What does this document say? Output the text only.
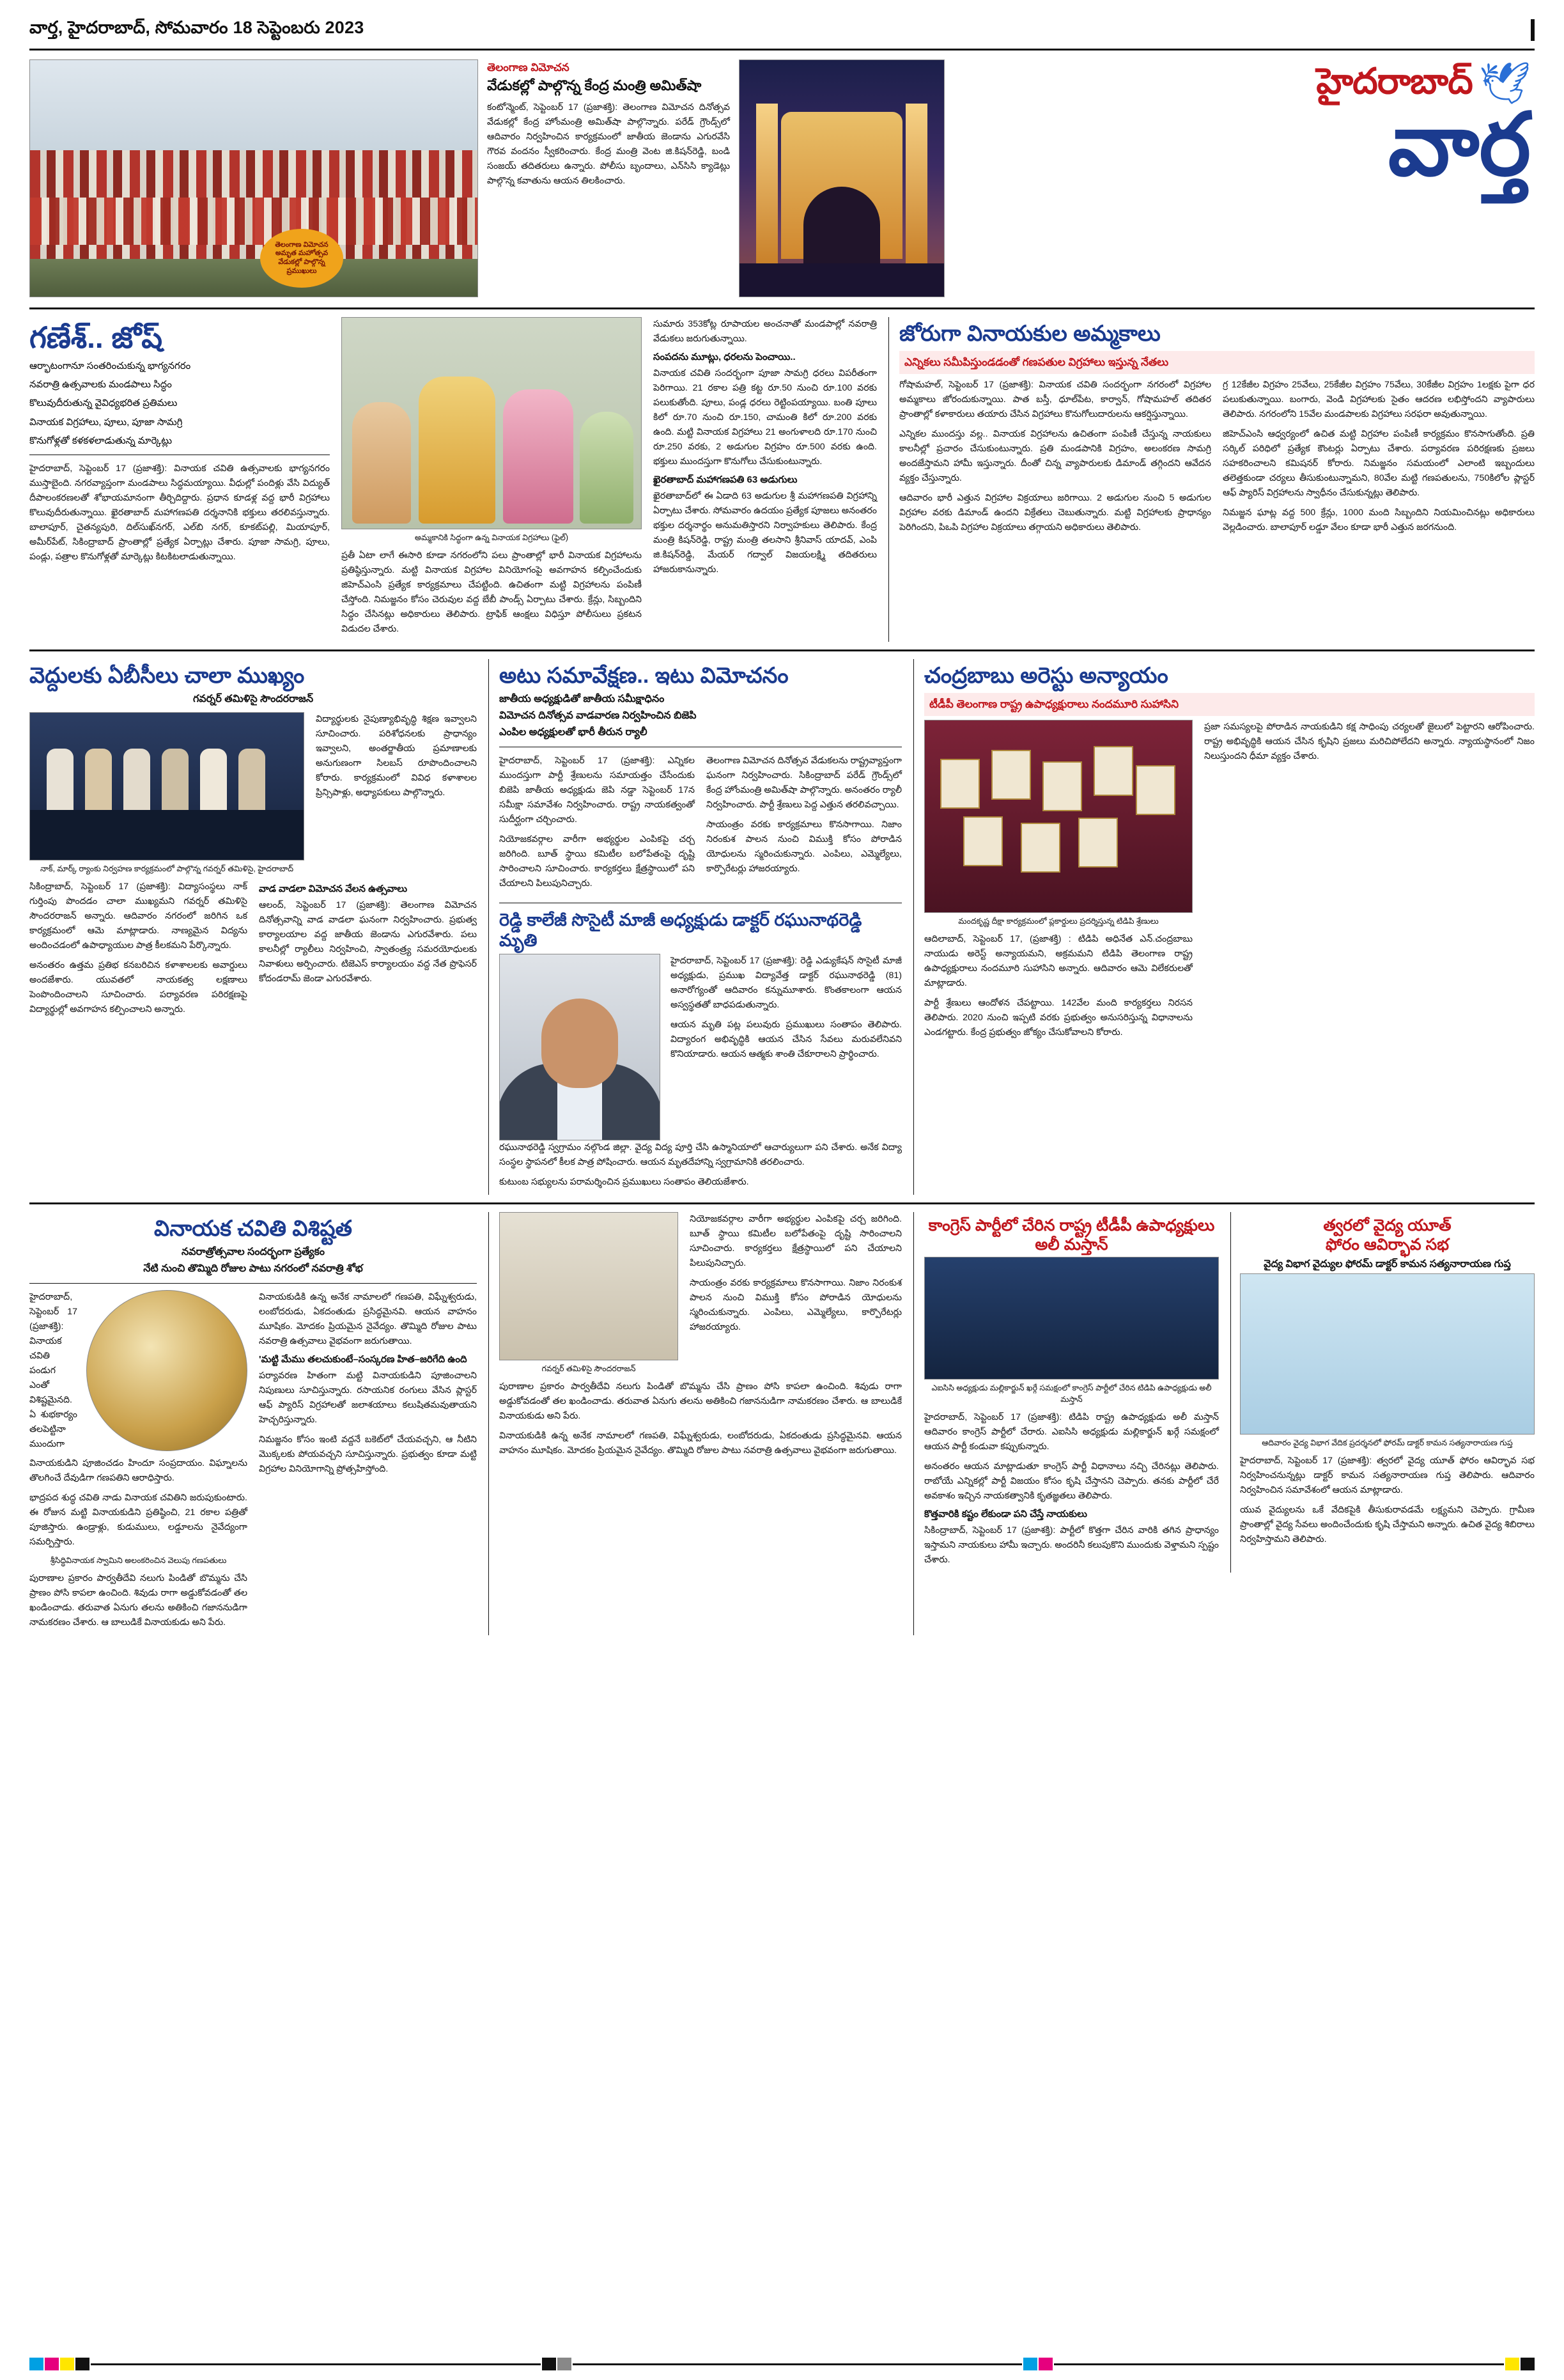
వార్త, హైదరాబాద్, సోమవారం 18 సెప్టెంబరు 2023
తెలంగాణ విమోచన అమృత మహోత్సవ వేడుకల్లో పాల్గొన్న ప్రముఖులు
తెలంగాణ విమోచన
వేడుకల్లో పాల్గొన్న కేంద్ర మంత్రి అమిత్‌షా

కంటోన్మెంట్, సెప్టెంబర్ 17 (ప్రజాశక్తి): తెలంగాణ విమోచన దినోత్సవ వేడుకల్లో కేంద్ర హోంమంత్రి అమిత్‌షా పాల్గొన్నారు. పరేడ్ గ్రౌండ్స్‌లో ఆదివారం నిర్వహించిన కార్యక్రమంలో జాతీయ జెండాను ఎగురవేసి గౌరవ వందనం స్వీకరించారు. కేంద్ర మంత్రి వెంట జి.కిషన్‌రెడ్డి, బండి సంజయ్ తదితరులు ఉన్నారు. పోలీసు బృందాలు, ఎన్‌సిసి క్యాడెట్లు పాల్గొన్న కవాతును ఆయన తిలకించారు.

హైదరాబాద్ 🕊
వార్త
గణేశ్‌.. జోష్‌
ఆర్భాటంగానూ సంతరించుకున్న భాగ్యనగరం
నవరాత్రి ఉత్సవాలకు మండపాలు సిద్ధం
కొలువుదీరుతున్న వైవిధ్యభరిత ప్రతిమలు
వినాయక విగ్రహాలు, పూలు, పూజా సామగ్రి
కొనుగోళ్లతో కళకళలాడుతున్న మార్కెట్లు

హైదరాబాద్, సెప్టెంబర్ 17 (ప్రజాశక్తి): వినాయక చవితి ఉత్సవాలకు భాగ్యనగరం ముస్తాబైంది. నగరవ్యాప్తంగా మండపాలు సిద్ధమయ్యాయి. వీధుల్లో పందిళ్లు వేసి విద్యుత్ దీపాలంకరణలతో శోభాయమానంగా తీర్చిదిద్దారు. ప్రధాన కూడళ్ల వద్ద భారీ విగ్రహాలు కొలువుదీరుతున్నాయి. ఖైరతాబాద్ మహాగణపతి దర్శనానికి భక్తులు తరలివస్తున్నారు. బాలాపూర్, చైతన్యపురి, దిల్‌సుఖ్‌నగర్, ఎల్‌బి నగర్, కూకట్‌పల్లి, మియాపూర్, అమీర్‌పేట్, సికింద్రాబాద్ ప్రాంతాల్లో ప్రత్యేక ఏర్పాట్లు చేశారు. పూజా సామగ్రి, పూలు, పండ్లు, పత్రాల కొనుగోళ్లతో మార్కెట్లు కిటకిటలాడుతున్నాయి.

అమ్మకానికి సిద్ధంగా ఉన్న వినాయక విగ్రహాలు (ఫైల్)

ప్రతీ ఏటా లాగే ఈసారి కూడా నగరంలోని పలు ప్రాంతాల్లో భారీ వినాయక విగ్రహాలను ప్రతిష్ఠిస్తున్నారు. మట్టి వినాయక విగ్రహాల వినియోగంపై అవగాహన కల్పించేందుకు జిహెచ్‌ఎంసి ప్రత్యేక కార్యక్రమాలు చేపట్టింది. ఉచితంగా మట్టి విగ్రహాలను పంపిణీ చేస్తోంది. నిమజ్జనం కోసం చెరువుల వద్ద బేబీ పాండ్స్ ఏర్పాటు చేశారు. క్రేన్లు, సిబ్బందిని సిద్ధం చేసినట్లు అధికారులు తెలిపారు. ట్రాఫిక్ ఆంక్షలు విధిస్తూ పోలీసులు ప్రకటన విడుదల చేశారు.

సుమారు 353కోట్ల రూపాయల అంచనాతో మండపాల్లో నవరాత్రి వేడుకలు జరుగుతున్నాయి.

సంపదను మూట్లు, ధరలను పెంచాయి..

వినాయక చవితి సందర్భంగా పూజా సామగ్రి ధరలు విపరీతంగా పెరిగాయి. 21 రకాల పత్రి కట్ట రూ.50 నుంచి రూ.100 వరకు పలుకుతోంది. పూలు, పండ్ల ధరలు రెట్టింపయ్యాయి. బంతి పూలు కిలో రూ.70 నుంచి రూ.150, చామంతి కిలో రూ.200 వరకు ఉంది. మట్టి వినాయక విగ్రహాలు 21 అంగుళాలది రూ.170 నుంచి రూ.250 వరకు, 2 అడుగుల విగ్రహం రూ.500 వరకు ఉంది. భక్తులు ముందస్తుగా కొనుగోలు చేసుకుంటున్నారు.

ఖైరతాబాద్ మహాగణపతి 63 అడుగులు

ఖైరతాబాద్‌లో ఈ ఏడాది 63 అడుగుల శ్రీ మహాగణపతి విగ్రహాన్ని ఏర్పాటు చేశారు. సోమవారం ఉదయం ప్రత్యేక పూజలు అనంతరం భక్తుల దర్శనార్థం అనుమతిస్తారని నిర్వాహకులు తెలిపారు. కేంద్ర మంత్రి కిషన్‌రెడ్డి, రాష్ట్ర మంత్రి తలసాని శ్రీనివాస్ యాదవ్, ఎంపి జి.కిషన్‌రెడ్డి, మేయర్ గద్వాల్ విజయలక్ష్మి తదితరులు హాజరుకానున్నారు.

జోరుగా వినాయకుల అమ్మకాలు
ఎన్నికలు సమీపిస్తుండడంతో గణపతుల విగ్రహాలు ఇస్తున్న నేతలు

గోషామహల్, సెప్టెంబర్ 17 (ప్రజాశక్తి): వినాయక చవితి సందర్భంగా నగరంలో విగ్రహాల అమ్మకాలు జోరందుకున్నాయి. పాత బస్తీ, ధూల్‌పేట, కార్వాన్, గోషామహల్ తదితర ప్రాంతాల్లో కళాకారులు తయారు చేసిన విగ్రహాలు కొనుగోలుదారులను ఆకర్షిస్తున్నాయి.

ఎన్నికల ముందస్తు వల్ల.. వినాయక విగ్రహాలను ఉచితంగా పంపిణీ చేస్తున్న నాయకులు కాలనీల్లో ప్రచారం చేసుకుంటున్నారు. ప్రతి మండపానికి విగ్రహం, అలంకరణ సామగ్రి అందజేస్తామని హామీ ఇస్తున్నారు. దీంతో చిన్న వ్యాపారులకు డిమాండ్ తగ్గిందని ఆవేదన వ్యక్తం చేస్తున్నారు.

ఆదివారం భారీ ఎత్తున విగ్రహాల విక్రయాలు జరిగాయి. 2 అడుగుల నుంచి 5 అడుగుల విగ్రహాల వరకు డిమాండ్ ఉందని విక్రేతలు చెబుతున్నారు. మట్టి విగ్రహాలకు ప్రాధాన్యం పెరిగిందని, పిఒపి విగ్రహాల విక్రయాలు తగ్గాయని అధికారులు తెలిపారు.

గ్ర 12కేజీల విగ్రహం 25వేలు, 25కేజీల విగ్రహం 75వేలు, 30కేజీల విగ్రహం 1లక్షకు పైగా ధర పలుకుతున్నాయి. బంగారు, వెండి విగ్రహాలకు సైతం ఆదరణ లభిస్తోందని వ్యాపారులు తెలిపారు. నగరంలోని 15వేల మండపాలకు విగ్రహాలు సరఫరా అవుతున్నాయి.

జిహెచ్‌ఎంసి ఆధ్వర్యంలో ఉచిత మట్టి విగ్రహాల పంపిణీ కార్యక్రమం కొనసాగుతోంది. ప్రతి సర్కిల్ పరిధిలో ప్రత్యేక కౌంటర్లు ఏర్పాటు చేశారు. పర్యావరణ పరిరక్షణకు ప్రజలు సహకరించాలని కమిషనర్ కోరారు. నిమజ్జనం సమయంలో ఎలాంటి ఇబ్బందులు తలెత్తకుండా చర్యలు తీసుకుంటున్నామని, 80వేల మట్టి గణపతులను, 750కిలోల ప్లాస్టర్ ఆఫ్ ప్యారిస్ విగ్రహాలను స్వాధీనం చేసుకున్నట్లు తెలిపారు.

నిమజ్జన ఘాట్ల వద్ద 500 క్రేన్లు, 1000 మంది సిబ్బందిని నియమించినట్లు అధికారులు వెల్లడించారు. బాలాపూర్ లడ్డూ వేలం కూడా భారీ ఎత్తున జరగనుంది.

వెద్దులకు ఏబీసీలు చాలా ముఖ్యం
గవర్నర్ తమిళిసై సౌందరరాజన్
నాక్, మార్క్ ర్యాంకు నిర్వహణ కార్యక్రమంలో పాల్గొన్న గవర్నర్ తమిళిసై, హైదరాబాద్

విద్యార్థులకు నైపుణ్యాభివృద్ధి శిక్షణ ఇవ్వాలని సూచించారు. పరిశోధనలకు ప్రాధాన్యం ఇవ్వాలని, అంతర్జాతీయ ప్రమాణాలకు అనుగుణంగా సిలబస్ రూపొందించాలని కోరారు. కార్యక్రమంలో వివిధ కళాశాలల ప్రిన్సిపాళ్లు, అధ్యాపకులు పాల్గొన్నారు.

సికింద్రాబాద్, సెప్టెంబర్ 17 (ప్రజాశక్తి): విద్యాసంస్థలు నాక్ గుర్తింపు పొందడం చాలా ముఖ్యమని గవర్నర్ తమిళిసై సౌందరరాజన్ అన్నారు. ఆదివారం నగరంలో జరిగిన ఒక కార్యక్రమంలో ఆమె మాట్లాడారు. నాణ్యమైన విద్యను అందించడంలో ఉపాధ్యాయుల పాత్ర కీలకమని పేర్కొన్నారు.

అనంతరం ఉత్తమ ప్రతిభ కనబరిచిన కళాశాలలకు అవార్డులు అందజేశారు. యువతలో నాయకత్వ లక్షణాలు పెంపొందించాలని సూచించారు. పర్యావరణ పరిరక్షణపై విద్యార్థుల్లో అవగాహన కల్పించాలని అన్నారు.

వాడ వాడలా విమోచన వేలన ఉత్సవాలు

ఆలంద్, సెప్టెంబర్ 17 (ప్రజాశక్తి): తెలంగాణ విమోచన దినోత్సవాన్ని వాడ వాడలా ఘనంగా నిర్వహించారు. ప్రభుత్వ కార్యాలయాల వద్ద జాతీయ జెండాను ఎగురవేశారు. పలు కాలనీల్లో ర్యాలీలు నిర్వహించి, స్వాతంత్ర్య సమరయోధులకు నివాళులు అర్పించారు. టిజెఎస్ కార్యాలయం వద్ద నేత ప్రొఫెసర్ కోదండరామ్ జెండా ఎగురవేశారు.

అటు సమావేక్షణ.. ఇటు విమోచనం
జాతీయ అధ్యక్షుడితో జాతీయ సమీక్షాధినం
విమోచన దినోత్సవ వాడవారణ నిర్వహించిన బిజెపి
ఎంపిల అధ్యక్షులతో భారీ తీరున ర్యాలీ

హైదరాబాద్, సెప్టెంబర్ 17 (ప్రజాశక్తి): ఎన్నికల ముందస్తుగా పార్టీ శ్రేణులను సమాయత్తం చేసేందుకు బిజెపి జాతీయ అధ్యక్షుడు జెపి నడ్డా సెప్టెంబర్ 17న సమీక్షా సమావేశం నిర్వహించారు. రాష్ట్ర నాయకత్వంతో సుదీర్ఘంగా చర్చించారు.

నియోజకవర్గాల వారీగా అభ్యర్థుల ఎంపికపై చర్చ జరిగింది. బూత్ స్థాయి కమిటీల బలోపేతంపై దృష్టి సారించాలని సూచించారు. కార్యకర్తలు క్షేత్రస్థాయిలో పని చేయాలని పిలుపునిచ్చారు.

తెలంగాణ విమోచన దినోత్సవ వేడుకలను రాష్ట్రవ్యాప్తంగా ఘనంగా నిర్వహించారు. సికింద్రాబాద్ పరేడ్ గ్రౌండ్స్‌లో కేంద్ర హోంమంత్రి అమిత్‌షా పాల్గొన్నారు. అనంతరం ర్యాలీ నిర్వహించారు. పార్టీ శ్రేణులు పెద్ద ఎత్తున తరలివచ్చాయి.

సాయంత్రం వరకు కార్యక్రమాలు కొనసాగాయి. నిజాం నిరంకుశ పాలన నుంచి విముక్తి కోసం పోరాడిన యోధులను స్మరించుకున్నారు. ఎంపిలు, ఎమ్మెల్యేలు, కార్పొరేటర్లు హాజరయ్యారు.

రెడ్డి కాలేజీ సొసైటీ మాజీ అధ్యక్షుడు డాక్టర్ రఘునాథరెడ్డి మృతి

హైదరాబాద్, సెప్టెంబర్ 17 (ప్రజాశక్తి): రెడ్డి ఎడ్యుకేషన్ సొసైటీ మాజీ అధ్యక్షుడు, ప్రముఖ విద్యావేత్త డాక్టర్ రఘునాథరెడ్డి (81) అనారోగ్యంతో ఆదివారం కన్నుమూశారు. కొంతకాలంగా ఆయన అస్వస్థతతో బాధపడుతున్నారు.

ఆయన మృతి పట్ల పలువురు ప్రముఖులు సంతాపం తెలిపారు. విద్యారంగ అభివృద్ధికి ఆయన చేసిన సేవలు మరువలేనివని కొనియాడారు. ఆయన ఆత్మకు శాంతి చేకూరాలని ప్రార్థించారు.

రఘునాథరెడ్డి స్వగ్రామం నల్గొండ జిల్లా. వైద్య విద్య పూర్తి చేసి ఉస్మానియాలో ఆచార్యులుగా పని చేశారు. అనేక విద్యా సంస్థల స్థాపనలో కీలక పాత్ర పోషించారు. ఆయన మృతదేహాన్ని స్వగ్రామానికి తరలించారు.

కుటుంబ సభ్యులను పరామర్శించిన ప్రముఖులు సంతాపం తెలియజేశారు.

చంద్రబాబు అరెస్టు అన్యాయం
టీడీపీ తెలంగాణ రాష్ట్ర ఉపాధ్యక్షురాలు నందమూరి సుహాసిని
మందకృష్ణ దీక్షా కార్యక్రమంలో ప్లకార్డులు ప్రదర్శిస్తున్న టిడిపి శ్రేణులు

ఆదిలాబాద్, సెప్టెంబర్ 17, (ప్రజాశక్తి) : టిడిపి అధినేత ఎన్.చంద్రబాబు నాయుడు అరెస్ట్ అన్యాయమని, అక్రమమని టిడిపి తెలంగాణ రాష్ట్ర ఉపాధ్యక్షురాలు నందమూరి సుహాసిని అన్నారు. ఆదివారం ఆమె విలేకరులతో మాట్లాడారు.

పార్టీ శ్రేణులు ఆందోళన చేపట్టాయి. 142వేల మంది కార్యకర్తలు నిరసన తెలిపారు. 2020 నుంచి ఇప్పటి వరకు ప్రభుత్వం అనుసరిస్తున్న విధానాలను ఎండగట్టారు. కేంద్ర ప్రభుత్వం జోక్యం చేసుకోవాలని కోరారు.

ప్రజా సమస్యలపై పోరాడిన నాయకుడిని కక్ష సాధింపు చర్యలతో జైలులో పెట్టారని ఆరోపించారు. రాష్ట్ర అభివృద్ధికి ఆయన చేసిన కృషిని ప్రజలు మరిచిపోలేదని అన్నారు. న్యాయస్థానంలో నిజం నిలుస్తుందని ధీమా వ్యక్తం చేశారు.

వినాయక చవితి విశిష్టత
నవరాత్రోత్సవాల సందర్భంగా ప్రత్యేకం
నేటి నుంచి తొమ్మిది రోజుల పాటు నగరంలో నవరాత్రి శోభ

హైదరాబాద్, సెప్టెంబర్ 17 (ప్రజాశక్తి): వినాయక చవితి పండుగ ఎంతో విశిష్టమైనది. ఏ శుభకార్యం తలపెట్టినా ముందుగా వినాయకుడిని పూజించడం హిందూ సంప్రదాయం. విఘ్నాలను తొలగించే దేవుడిగా గణపతిని ఆరాధిస్తారు.

భాద్రపద శుద్ధ చవితి నాడు వినాయక చవితిని జరుపుకుంటారు. ఈ రోజున మట్టి వినాయకుడిని ప్రతిష్ఠించి, 21 రకాల పత్రితో పూజిస్తారు. ఉండ్రాళ్లు, కుడుములు, లడ్డూలను నైవేద్యంగా సమర్పిస్తారు.

శ్రీసిద్ధివినాయక స్వామిని అలంకరించిన వెలుపు గణపతులు

పురాణాల ప్రకారం పార్వతీదేవి నలుగు పిండితో బొమ్మను చేసి ప్రాణం పోసి కాపలా ఉంచింది. శివుడు రాగా అడ్డుకోవడంతో తల ఖండించాడు. తరువాత ఏనుగు తలను అతికించి గజాననుడిగా నామకరణం చేశారు. ఆ బాలుడికే వినాయకుడు అని పేరు.

వినాయకుడికి ఉన్న అనేక నామాలలో గణపతి, విఘ్నేశ్వరుడు, లంబోదరుడు, ఏకదంతుడు ప్రసిద్ధమైనవి. ఆయన వాహనం మూషికం. మోదకం ప్రియమైన నైవేద్యం. తొమ్మిది రోజుల పాటు నవరాత్రి ఉత్సవాలు వైభవంగా జరుగుతాయి.

'మట్టి మేము తలచుకుంటే–సంస్కరణ హిత–జరిగేది ఉంది

పర్యావరణ హితంగా మట్టి వినాయకుడిని పూజించాలని నిపుణులు సూచిస్తున్నారు. రసాయనిక రంగులు వేసిన ప్లాస్టర్ ఆఫ్ ప్యారిస్ విగ్రహాలతో జలాశయాలు కలుషితమవుతాయని హెచ్చరిస్తున్నారు.

నిమజ్జనం కోసం ఇంటి వద్దనే బకెట్‌లో చేయవచ్చని, ఆ నీటిని మొక్కలకు పోయవచ్చని సూచిస్తున్నారు. ప్రభుత్వం కూడా మట్టి విగ్రహాల వినియోగాన్ని ప్రోత్సహిస్తోంది.

గవర్నర్ తమిళిసై సౌందరరాజన్

నియోజకవర్గాల వారీగా అభ్యర్థుల ఎంపికపై చర్చ జరిగింది. బూత్ స్థాయి కమిటీల బలోపేతంపై దృష్టి సారించాలని సూచించారు. కార్యకర్తలు క్షేత్రస్థాయిలో పని చేయాలని పిలుపునిచ్చారు.

సాయంత్రం వరకు కార్యక్రమాలు కొనసాగాయి. నిజాం నిరంకుశ పాలన నుంచి విముక్తి కోసం పోరాడిన యోధులను స్మరించుకున్నారు. ఎంపిలు, ఎమ్మెల్యేలు, కార్పొరేటర్లు హాజరయ్యారు.

పురాణాల ప్రకారం పార్వతీదేవి నలుగు పిండితో బొమ్మను చేసి ప్రాణం పోసి కాపలా ఉంచింది. శివుడు రాగా అడ్డుకోవడంతో తల ఖండించాడు. తరువాత ఏనుగు తలను అతికించి గజాననుడిగా నామకరణం చేశారు. ఆ బాలుడికే వినాయకుడు అని పేరు.

వినాయకుడికి ఉన్న అనేక నామాలలో గణపతి, విఘ్నేశ్వరుడు, లంబోదరుడు, ఏకదంతుడు ప్రసిద్ధమైనవి. ఆయన వాహనం మూషికం. మోదకం ప్రియమైన నైవేద్యం. తొమ్మిది రోజుల పాటు నవరాత్రి ఉత్సవాలు వైభవంగా జరుగుతాయి.

కాంగ్రెస్ పార్టీలో చేరిన రాష్ట్ర టీడీపీ ఉపాధ్యక్షులు అలీ మస్తాన్
ఎఐసిసి అధ్యక్షుడు మల్లికార్జున్ ఖర్గే సమక్షంలో కాంగ్రెస్ పార్టీలో చేరిన టిడిపి ఉపాధ్యక్షుడు అలీ మస్తాన్

హైదరాబాద్, సెప్టెంబర్ 17 (ప్రజాశక్తి): టిడిపి రాష్ట్ర ఉపాధ్యక్షుడు అలీ మస్తాన్ ఆదివారం కాంగ్రెస్ పార్టీలో చేరారు. ఎఐసిసి అధ్యక్షుడు మల్లికార్జున్ ఖర్గే సమక్షంలో ఆయన పార్టీ కండువా కప్పుకున్నారు.

అనంతరం ఆయన మాట్లాడుతూ కాంగ్రెస్ పార్టీ విధానాలు నచ్చి చేరినట్లు తెలిపారు. రాబోయే ఎన్నికల్లో పార్టీ విజయం కోసం కృషి చేస్తానని చెప్పారు. తనకు పార్టీలో చేరే అవకాశం ఇచ్చిన నాయకత్వానికి కృతజ్ఞతలు తెలిపారు.

కొత్తవారికి కష్టం లేకుండా పని చేస్తే నాయకులు

సికింద్రాబాద్, సెప్టెంబర్ 17 (ప్రజాశక్తి): పార్టీలో కొత్తగా చేరిన వారికి తగిన ప్రాధాన్యం ఇస్తామని నాయకులు హామీ ఇచ్చారు. అందరినీ కలుపుకొని ముందుకు వెళ్తామని స్పష్టం చేశారు.

త్వరలో వైద్య యూత్
ఫోరం ఆవిర్భావ సభ
వైద్య విభాగ వైద్యుల ఫోరమ్ డాక్టర్ కామన సత్యనారాయణ గుప్త
ఆదివారం వైద్య విభాగ వేదిక ప్రదర్శనలో ఫోరమ్ డాక్టర్ కామన సత్యనారాయణ గుప్త

హైదరాబాద్, సెప్టెంబర్ 17 (ప్రజాశక్తి): త్వరలో వైద్య యూత్ ఫోరం ఆవిర్భావ సభ నిర్వహించనున్నట్లు డాక్టర్ కామన సత్యనారాయణ గుప్త తెలిపారు. ఆదివారం నిర్వహించిన సమావేశంలో ఆయన మాట్లాడారు.

యువ వైద్యులను ఒకే వేదికపైకి తీసుకురావడమే లక్ష్యమని చెప్పారు. గ్రామీణ ప్రాంతాల్లో వైద్య సేవలు అందించేందుకు కృషి చేస్తామని అన్నారు. ఉచిత వైద్య శిబిరాలు నిర్వహిస్తామని తెలిపారు.
